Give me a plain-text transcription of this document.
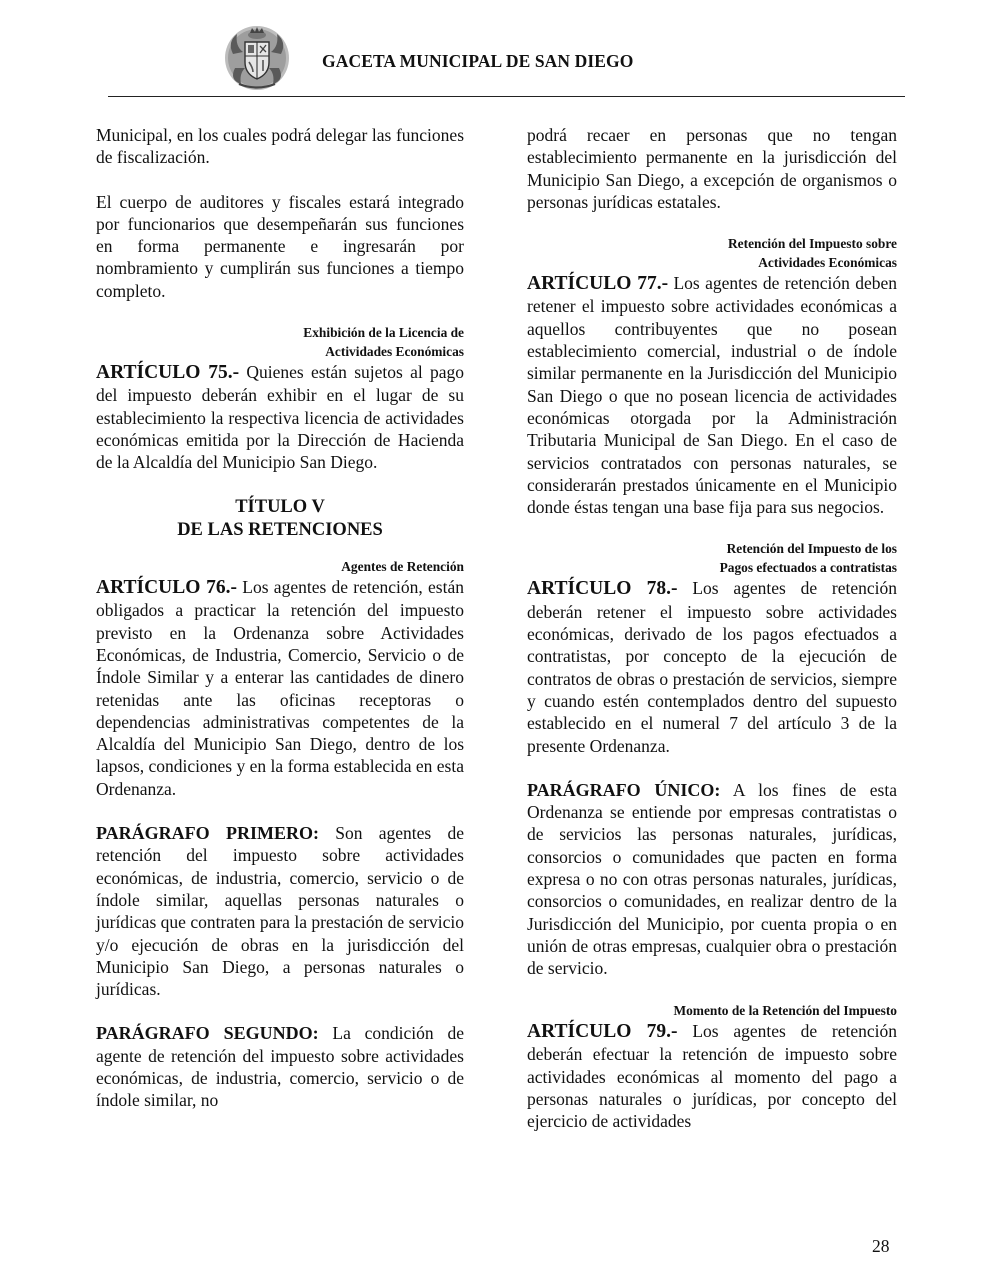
GACETA MUNICIPAL DE SAN DIEGO

Municipal, en los cuales podrá delegar las funciones de fiscalización.

El cuerpo de auditores y fiscales estará integrado por funcionarios que desempeñarán sus funciones en forma permanente e ingresarán por nombramiento y cumplirán sus funciones a tiempo completo.

Exhibición de la Licencia de
Actividades Económicas

ARTÍCULO 75.- Quienes están sujetos al pago del impuesto deberán exhibir en el lugar de su establecimiento la respectiva licencia de actividades económicas emitida por la Dirección de Hacienda de la Alcaldía del Municipio San Diego.

TÍTULO V
DE LAS RETENCIONES

Agentes de Retención

ARTÍCULO 76.- Los agentes de retención, están obligados a practicar la retención del impuesto previsto en la Ordenanza sobre Actividades Económicas, de Industria, Comercio, Servicio o de Índole Similar y a enterar las cantidades de dinero retenidas ante las oficinas receptoras o dependencias administrativas competentes de la Alcaldía del Municipio San Diego, dentro de los lapsos, condiciones y en la forma establecida en esta Ordenanza.

PARÁGRAFO PRIMERO: Son agentes de retención del impuesto sobre actividades económicas, de industria, comercio, servicio o de índole similar, aquellas personas naturales o jurídicas que contraten para la prestación de servicio y/o ejecución de obras en la jurisdicción del Municipio San Diego, a personas naturales o jurídicas.

PARÁGRAFO SEGUNDO: La condición de agente de retención del impuesto sobre actividades económicas, de industria, comercio, servicio o de índole similar, no

podrá recaer en personas que no tengan establecimiento permanente en la jurisdicción del Municipio San Diego, a excepción de organismos o personas jurídicas estatales.

Retención del Impuesto sobre
Actividades Económicas

ARTÍCULO 77.- Los agentes de retención deben retener el impuesto sobre actividades económicas a aquellos contribuyentes que no posean establecimiento comercial, industrial o de índole similar permanente en la Jurisdicción del Municipio San Diego o que no posean licencia de actividades económicas otorgada por la Administración Tributaria Municipal de San Diego. En el caso de servicios contratados con personas naturales, se considerarán prestados únicamente en el Municipio donde éstas tengan una base fija para sus negocios.

Retención del Impuesto de los
Pagos efectuados a contratistas

ARTÍCULO 78.- Los agentes de retención deberán retener el impuesto sobre actividades económicas, derivado de los pagos efectuados a contratistas, por concepto de la ejecución de contratos de obras o prestación de servicios, siempre y cuando estén contemplados dentro del supuesto establecido en el numeral 7 del artículo 3 de la presente Ordenanza.

PARÁGRAFO ÚNICO: A los fines de esta Ordenanza se entiende por empresas contratistas o de servicios las personas naturales, jurídicas, consorcios o comunidades que pacten en forma expresa o no con otras personas naturales, jurídicas, consorcios o comunidades, en realizar dentro de la Jurisdicción del Municipio, por cuenta propia o en unión de otras empresas, cualquier obra o prestación de servicio.

Momento de la Retención del Impuesto

ARTÍCULO 79.- Los agentes de retención deberán efectuar la retención de impuesto sobre actividades económicas al momento del pago a personas naturales o jurídicas, por concepto del ejercicio de actividades

28
